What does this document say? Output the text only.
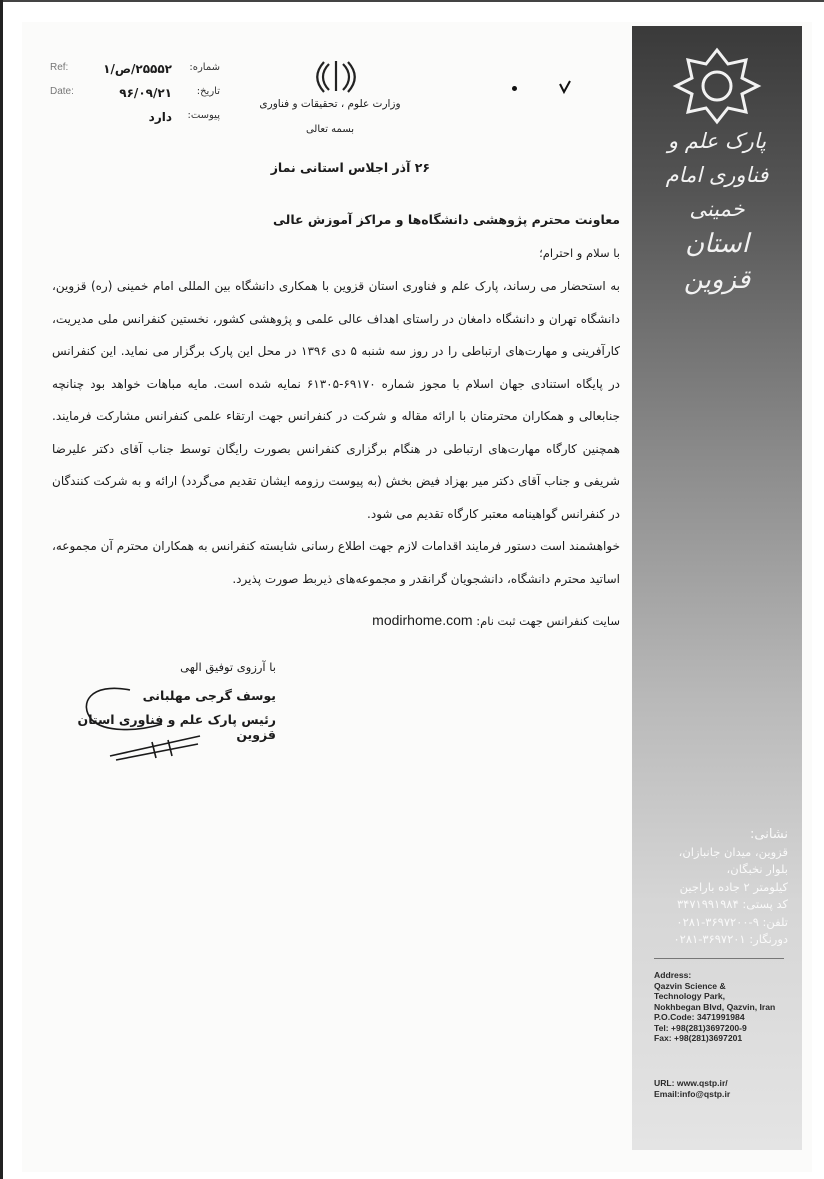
پارک علم و فناوری امام خمینی
استان قزوین
نشانی:
قزوین، میدان جانبازان،
بلوار نخبگان،
کیلومتر ۲ جاده باراجین
کد پستی: ۳۴۷۱۹۹۱۹۸۴
تلفن: ۹-۳۶۹۷۲۰۰-۰۲۸۱
دورنگار: ۳۶۹۷۲۰۱-۰۲۸۱
Address:
Qazvin Science &
Technology Park,
Nokhbegan Blvd, Qazvin, Iran
P.O.Code: 3471991984
Tel: +98(281)3697200-9
Fax: +98(281)3697201
URL: www.qstp.ir/
Email:info@qstp.ir
وزارت علوم ، تحقیقات و فناوری
بسمه تعالی
Ref:	۲۵۵۵۲/ص/۱	شماره:
Date:	۹۶/۰۹/۲۱	تاریخ:
دارد	پیوست:
۲۶ آذر اجلاس استانی نماز
معاونت محترم پژوهشی دانشگاه‌ها و مراکز آموزش عالی
با سلام و احترام؛

به استحضار می رساند، پارک علم و فناوری استان قزوین با همکاری دانشگاه بین المللی امام خمینی (ره) قزوین، دانشگاه تهران و دانشگاه دامغان در راستای اهداف عالی علمی و پژوهشی کشور، نخستین کنفرانس ملی مدیریت، کارآفرینی و مهارت‌های ارتباطی را در روز سه شنبه ۵ دی ۱۳۹۶ در محل این پارک برگزار می نماید. این کنفرانس در پایگاه استنادی جهان اسلام با مجوز شماره ۶۹۱۷۰-۶۱۳۰۵ نمایه شده است. مایه مباهات خواهد بود چنانچه جنابعالی و همکاران محترمتان با ارائه مقاله و شرکت در کنفرانس جهت ارتقاء علمی کنفرانس مشارکت فرمایند. همچنین کارگاه مهارت‌های ارتباطی در هنگام برگزاری کنفرانس بصورت رایگان توسط جناب آقای دکتر علیرضا شریفی و جناب آقای دکتر میر بهزاد فیض بخش (به پیوست رزومه ایشان تقدیم می‌گردد) ارائه و به شرکت کنندگان در کنفرانس گواهینامه معتبر کارگاه تقدیم می شود.

خواهشمند است دستور فرمایند اقدامات لازم جهت اطلاع رسانی شایسته کنفرانس به همکاران محترم آن مجموعه، اساتید محترم دانشگاه، دانشجویان گرانقدر و مجموعه‌های ذیربط صورت پذیرد.

سایت کنفرانس جهت ثبت نام: modirhome.com
با آرزوی توفیق الهی
یوسف گرجی مهلبانی
رئیس پارک علم و فناوری استان قزوین
